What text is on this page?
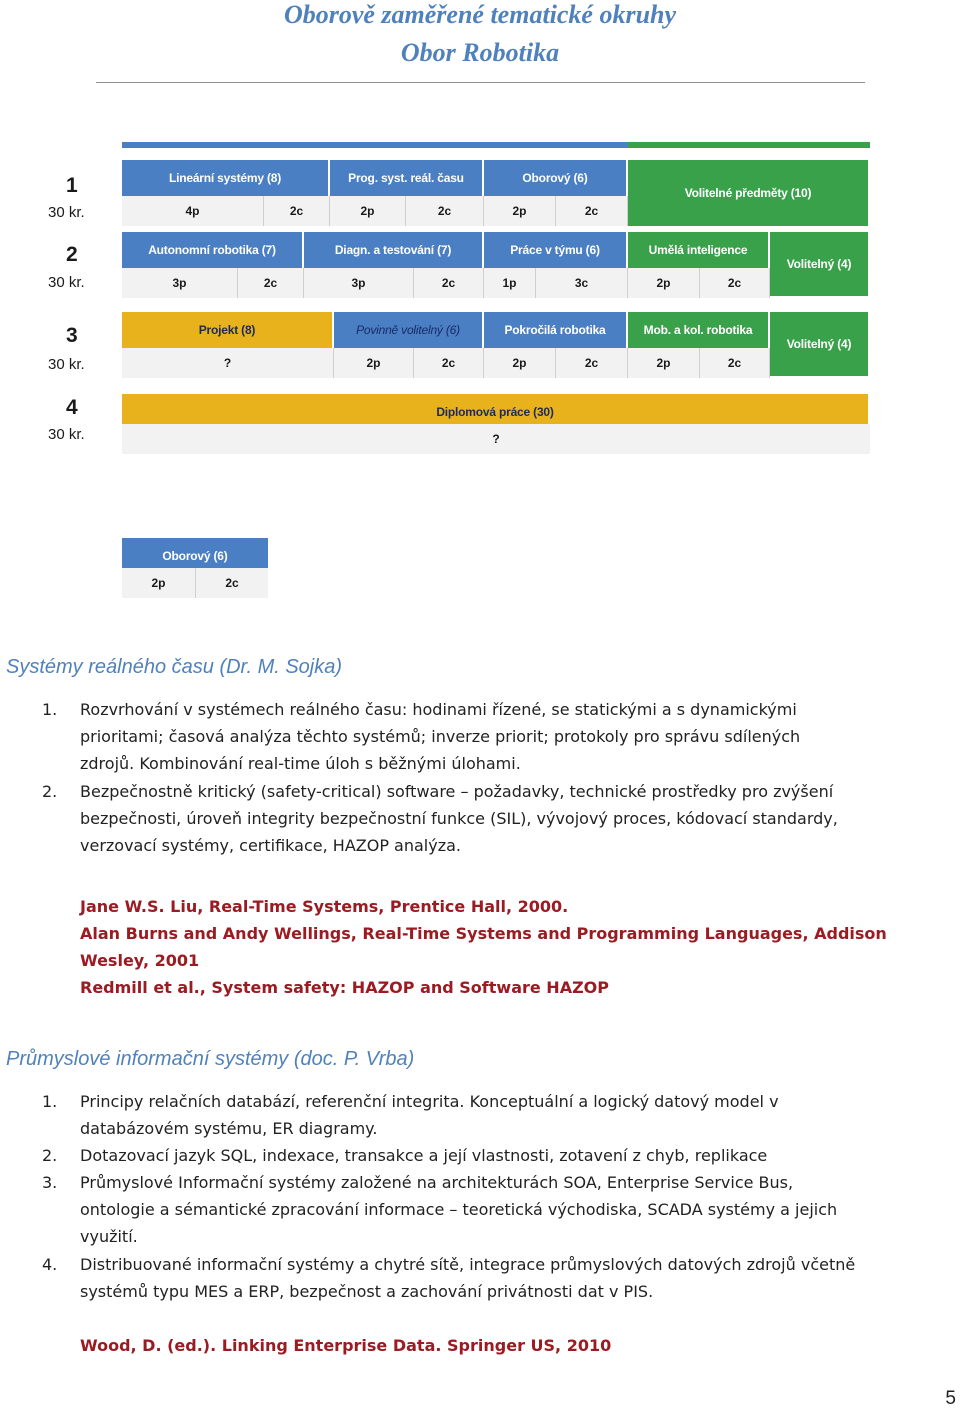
Oborově zaměřené tematické okruhy
Obor Robotika
1
30 kr.
2
30 kr.
3
30 kr.
4
30 kr.
Lineární systémy (8)	Prog. syst. reál. času	Oborový (6)
Volitelné předměty (10)
4p	2c	2p	2c	2p	2c
Autonomní robotika (7)	Diagn. a testování (7)	Práce v týmu (6)	Umělá inteligence
Volitelný (4)
3p	2c	3p	2c	1p	3c	2p	2c
Projekt (8)	Povinně volitelný (6)	Pokročilá robotika	Mob. a kol. robotika
Volitelný (4)
?	2p	2c	2p	2c	2p	2c
Diplomová práce (30)
?
Oborový (6)
2p	2c
Systémy reálného času (Dr. M. Sojka)
1. Rozvrhování v systémech reálného času: hodinami řízené, se statickými a s dynamickými
prioritami; časová analýza těchto systémů; inverze priorit; protokoly pro správu sdílených
zdrojů. Kombinování real-time úloh s běžnými úlohami.
2. Bezpečnostně kritický (safety-critical) software – požadavky, technické prostředky pro zvýšení
bezpečnosti, úroveň integrity bezpečnostní funkce (SIL), vývojový proces, kódovací standardy,
verzovací systémy, certifikace, HAZOP analýza.
Jane W.S. Liu, Real-Time Systems, Prentice Hall, 2000.
Alan Burns and Andy Wellings, Real-Time Systems and Programming Languages, Addison
Wesley, 2001
Redmill et al., System safety: HAZOP and Software HAZOP
Průmyslové informační systémy (doc. P. Vrba)
1. Principy relačních databází, referenční integrita. Konceptuální a logický datový model v
databázovém systému, ER diagramy.
2. Dotazovací jazyk SQL, indexace, transakce a její vlastnosti, zotavení z chyb, replikace
3. Průmyslové Informační systémy založené na architekturách SOA, Enterprise Service Bus,
ontologie a sémantické zpracování informace – teoretická východiska, SCADA systémy a jejich
využití.
4. Distribuované informační systémy a chytré sítě, integrace průmyslových datových zdrojů včetně
systémů typu MES a ERP, bezpečnost a zachování privátnosti dat v PIS.
Wood, D. (ed.). Linking Enterprise Data. Springer US, 2010
5
